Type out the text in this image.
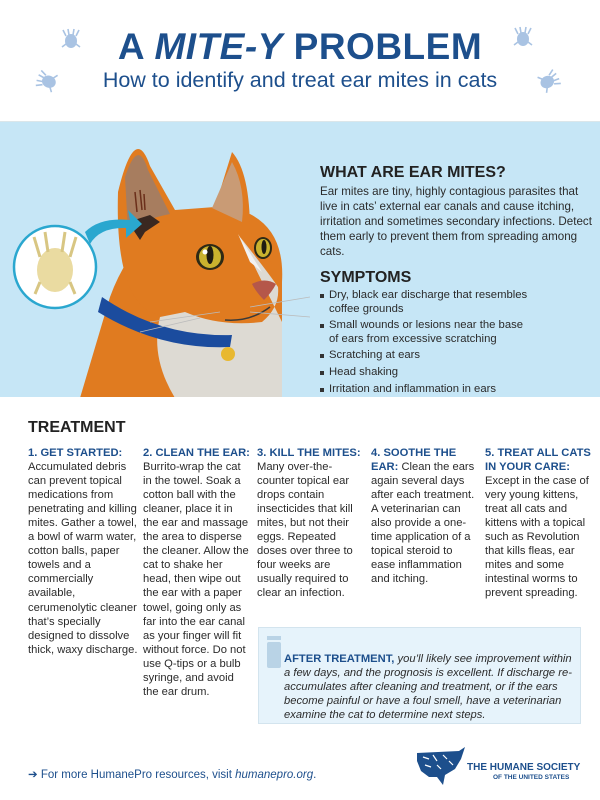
A MITE-Y PROBLEM
How to identify and treat ear mites in cats
WHAT ARE EAR MITES?

Ear mites are tiny, highly contagious parasites that live in cats’ external ear canals and cause itching, irritation and sometimes secondary infections. Detect them early to prevent them from spreading among cats.

SYMPTOMS
Dry, black ear discharge that resembles coffee grounds
Small wounds or lesions near the base of ears from excessive scratching
Scratching at ears
Head shaking
Irritation and inflammation in ears
TREATMENT
1. GET STARTED: Accumulated debris can prevent topical medications from penetrating and killing mites. Gather a towel, a bowl of warm water, cotton balls, paper towels and a commercially available, cerumenolytic cleaner that’s specially designed to dissolve thick, waxy discharge.
2. CLEAN THE EAR: Burrito-wrap the cat in the towel. Soak a cotton ball with the cleaner, place it in the ear and massage the area to disperse the cleaner. Allow the cat to shake her head, then wipe out the ear with a paper towel, going only as far into the ear canal as your finger will fit without force. Do not use Q-tips or a bulb syringe, and avoid the ear drum.
3. KILL THE MITES: Many over-the-counter topical ear drops contain insecticides that kill mites, but not their eggs. Repeated doses over three to four weeks are usually required to clear an infection.
4. SOOTHE THE EAR: Clean the ears again several days after each treatment. A veterinarian can also provide a one-time application of a topical steroid to ease inflammation and itching.
5. TREAT ALL CATS IN YOUR CARE: Except in the case of very young kittens, treat all cats and kittens with a topical such as Revolution that kills fleas, ear mites and some intestinal worms to prevent spreading.

AFTER TREATMENT, you’ll likely see improvement within a few days, and the prognosis is excellent. If discharge re-accumulates after cleaning and treatment, or if the ears become painful or have a foul smell, have a veterinarian examine the cat to determine next steps.

➔ For more HumanePro resources, visit humanepro.org.
THE HUMANE SOCIETY
OF THE UNITED STATES
